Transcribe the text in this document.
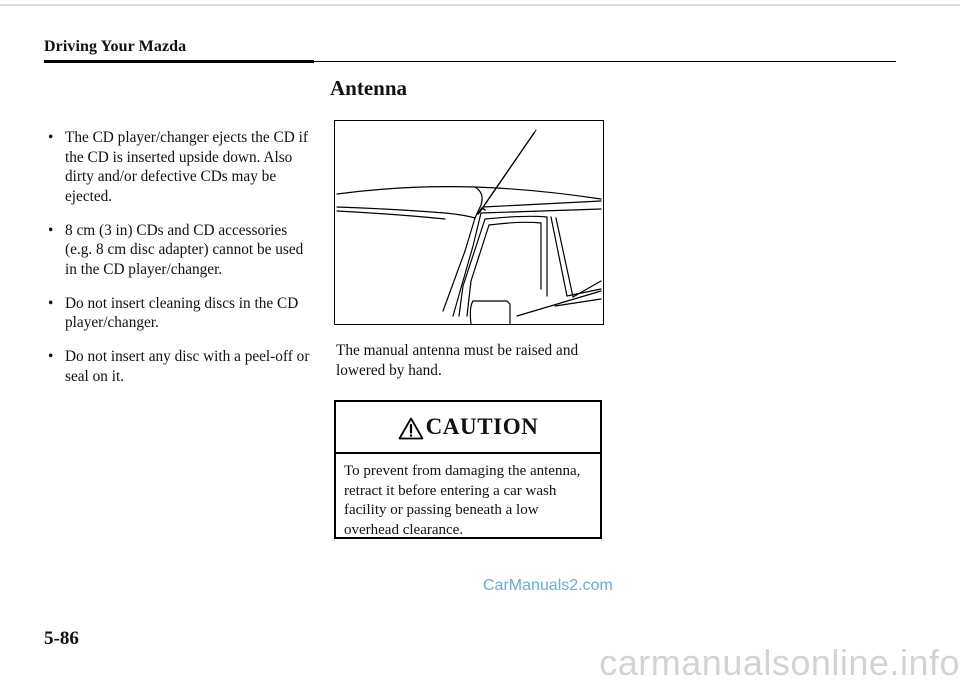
Driving Your Mazda
• The CD player/changer ejects the CD if the CD is inserted upside down. Also dirty and/or defective CDs may be ejected.
• 8 cm (3 in) CDs and CD accessories (e.g. 8 cm disc adapter) cannot be used in the CD player/changer.
• Do not insert cleaning discs in the CD player/changer.
• Do not insert any disc with a peel-off or seal on it.
Antenna
The manual antenna must be raised and lowered by hand.
CAUTION
To prevent from damaging the antenna, retract it before entering a car wash facility or passing beneath a low overhead clearance.
CarManuals2.com
5-86
carmanualsonline.info
